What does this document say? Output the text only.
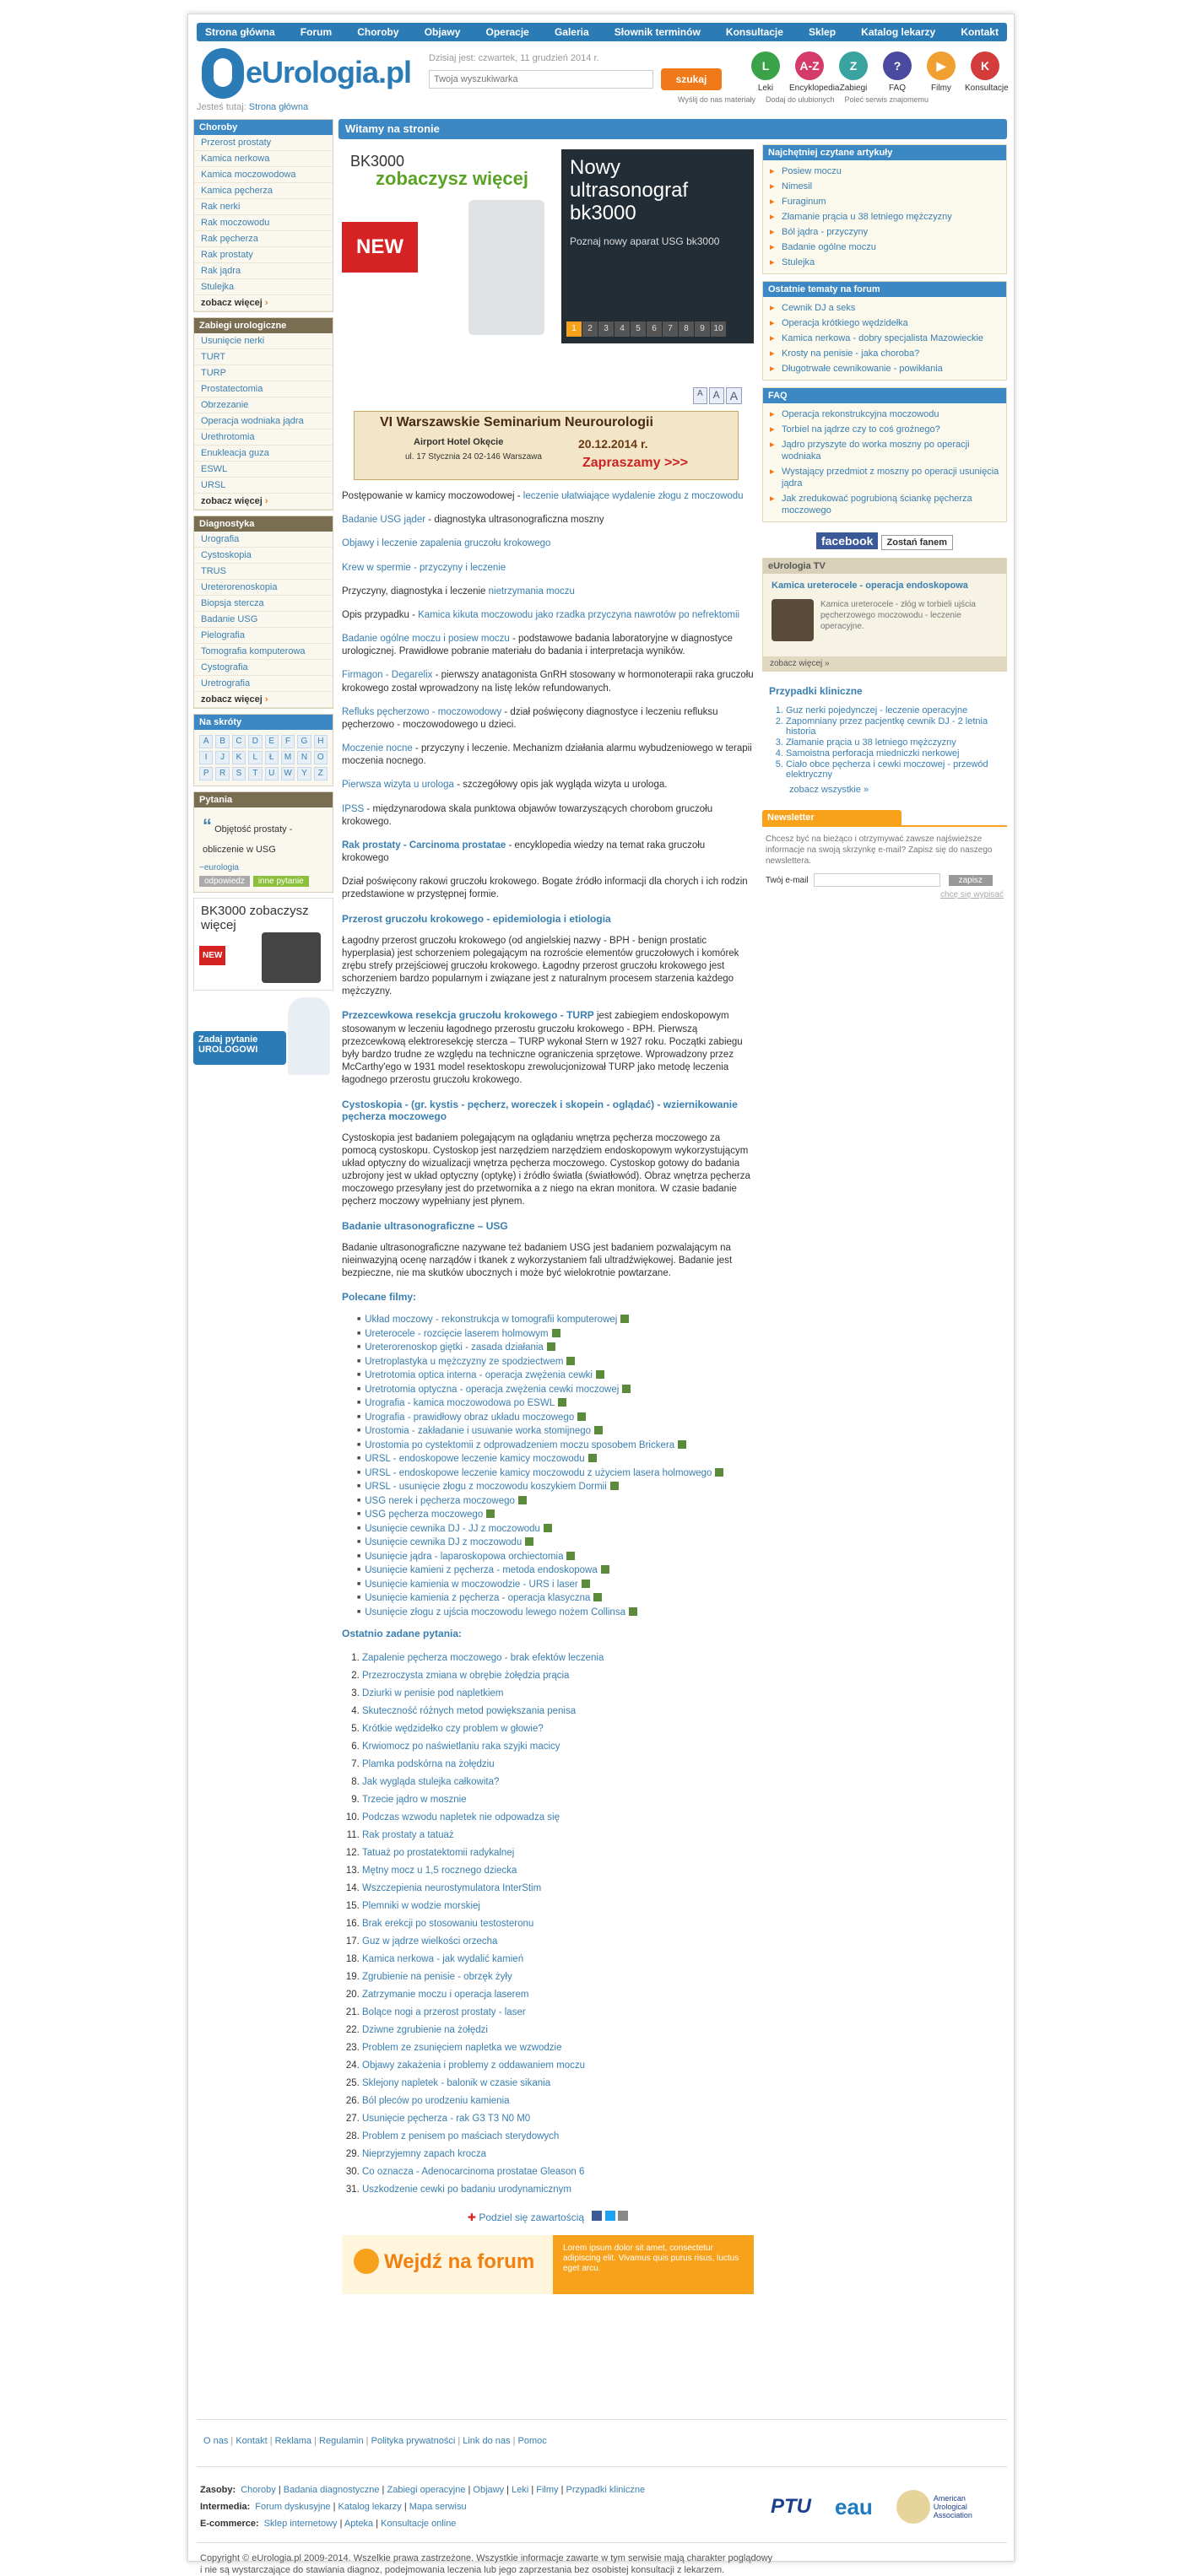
Strona główna	Forum	Choroby	Objawy	Operacje	Galeria	Słownik terminów	Konsultacje	Sklep	Katalog lekarzy	Kontakt
eUrologia.pl Dzisiaj jest: czwartek, 11 grudzień 2014 r.
Twoja wyszukiwarka
szukaj
L
Leki
A-Z
Encyklopedia
Z
Zabiegi
?
FAQ
▶
Filmy
K
Konsultacje
Wyślij do nas materiały Dodaj do ulubionych Poleć serwis znajomemu
Jesteś tutaj: Strona główna
Choroby
Przerost prostaty
Kamica nerkowa
Kamica moczowodowa
Kamica pęcherza
Rak nerki
Rak moczowodu
Rak pęcherza
Rak prostaty
Rak jądra
Stulejka
zobacz więcej ›
Zabiegi urologiczne
Usunięcie nerki
TURT
TURP
Prostatectomia
Obrzezanie
Operacja wodniaka jądra
Urethrotomia
Enukleacja guza
ESWL
URSL
zobacz więcej ›
Diagnostyka
Urografia
Cystoskopia
TRUS
Ureterorenoskopia
Biopsja sterczа
Badanie USG
Pielografia
Tomografia komputerowa
Cystografia
Uretrografia
zobacz więcej ›
Na skróty
A	B	C	D	E	F	G	H
I	J	K	L	Ł	M	N	O
P	R	S	T	U	W	Y	Z
Pytania
“ Objętość prostaty - obliczenie w USG
~eurologia
odpowiedz	inne pytanie
BK3000 zobaczysz więcej
NEW
Zadaj pytanie UROLOGOWI
Witamy na stronie
BK3000
zobaczysz więcej
NEW
Nowy ultrasonograf bk3000
Poznaj nowy aparat USG bk3000
1 2 3 4 5 6 7 8 9 10
A	A A
VI Warszawskie Seminarium Neurourologii
Airport Hotel Okęcie
ul. 17 Stycznia 24 02-146 Warszawa
20.12.2014 r.
Zapraszamy >>>
Postępowanie w kamicy moczowodowej - leczenie ułatwiające wydalenie złogu z moczowodu
Badanie USG jąder - diagnostyka ultrasonograficzna moszny
Objawy i leczenie zapalenia gruczołu krokowego
Krew w spermie - przyczyny i leczenie
Przyczyny, diagnostyka i leczenie nietrzymania moczu
Opis przypadku - Kamica kikuta moczowodu jako rzadka przyczyna nawrotów po nefrektomii
Badanie ogólne moczu i posiew moczu - podstawowe badania laboratoryjne w diagnostyce urologicznej. Prawidłowe pobranie materiału do badania i interpretacja wyników.
Firmagon - Degarelix - pierwszy anatagonista GnRH stosowany w hormonoterapii raka gruczołu krokowego został wprowadzony na listę leków refundowanych.
Refluks pęcherzowo - moczowodowy - dział poświęcony diagnostyce i leczeniu refluksu pęcherzowo - moczowodowego u dzieci.
Moczenie nocne - przyczyny i leczenie. Mechanizm działania alarmu wybudzeniowego w terapii moczenia nocnego.
Pierwsza wizyta u urologa - szczegółowy opis jak wygląda wizyta u urologa.
IPSS - międzynarodowa skala punktowa objawów towarzyszących chorobom gruczołu krokowego.
Rak prostaty - Carcinoma prostatae - encyklopedia wiedzy na temat raka gruczołu krokowego
Dział poświęcony rakowi gruczołu krokowego. Bogate źródło informacji dla chorych i ich rodzin przedstawione w przystępnej formie.
Przerost gruczołu krokowego - epidemiologia i etiologia
Łagodny przerost gruczołu krokowego (od angielskiej nazwy - BPH - benign prostatic hyperplasia) jest schorzeniem polegającym na rozroście elementów gruczołowych i komórek zrębu strefy przejściowej gruczołu krokowego. Łagodny przerost gruczołu krokowego jest schorzeniem bardzo popularnym i związane jest z naturalnym procesem starzenia każdego mężczyzny.
Przezcewkowa resekcja gruczołu krokowego - TURP jest zabiegiem endoskopowym stosowanym w leczeniu łagodnego przerostu gruczołu krokowego - BPH. Pierwszą przezcewkową elektroresekcję sterczа – TURP wykonał Stern w 1927 roku. Początki zabiegu były bardzo trudne ze względu na techniczne ograniczenia sprzętowe. Wprowadzony przez McCarthy'ego w 1931 model resektoskopu zrewolucjonizował TURP jako metodę leczenia łagodnego przerostu gruczołu krokowego.
Cystoskopia - (gr. kystis - pęcherz, woreczek i skopein - oglądać) - wziernikowanie pęcherza moczowego
Cystoskopia jest badaniem polegającym na oglądaniu wnętrza pęcherza moczowego za pomocą cystoskopu. Cystoskop jest narzędziem narzędziem endoskopowym wykorzystującym układ optyczny do wizualizacji wnętrza pęcherza moczowego. Cystoskop gotowy do badania uzbrojony jest w układ optyczny (optykę) i źródło światła (światłowód). Obraz wnętrza pęcherza moczowego przesyłany jest do przetwornika a z niego na ekran monitora. W czasie badanie pęcherz moczowy wypełniany jest płynem.
Badanie ultrasonograficzne – USG
Badanie ultrasonograficzne nazywane też badaniem USG jest badaniem pozwalającym na nieinwazyjną ocenę narządów i tkanek z wykorzystaniem fali ultradźwiękowej. Badanie jest bezpieczne, nie ma skutków ubocznych i może być wielokrotnie powtarzane.
Polecane filmy:
■ Układ moczowy - rekonstrukcja w tomografii komputerowej
■ Ureterocele - rozcięcie laserem holmowym
■ Ureterorenoskop giętki - zasada działania
■ Uretroplastyka u mężczyzny ze spodziectwem
■ Uretrotomia optica interna - operacja zwężenia cewki
■ Uretrotomia optyczna - operacja zwężenia cewki moczowej
■ Urografia - kamica moczowodowa po ESWL
■ Urografia - prawidłowy obraz układu moczowego
■ Urostomia - zakładanie i usuwanie worka stomijnego
■ Urostomia po cystektomii z odprowadzeniem moczu sposobem Brickera
■ URSL - endoskopowe leczenie kamicy moczowodu
■ URSL - endoskopowe leczenie kamicy moczowodu z użyciem lasera holmowego
■ URSL - usunięcie złogu z moczowodu koszykiem Dormii
■ USG nerek i pęcherza moczowego
■ USG pęcherza moczowego
■ Usunięcie cewnika DJ - JJ z moczowodu
■ Usunięcie cewnika DJ z moczowodu
■ Usunięcie jądra - laparoskopowa orchiectomia
■ Usunięcie kamieni z pęcherza - metoda endoskopowa
■ Usunięcie kamienia w moczowodzie - URS i laser
■ Usunięcie kamienia z pęcherza - operacja klasyczna
■ Usunięcie złogu z ujścia moczowodu lewego nożem Collinsa
Ostatnio zadane pytania:
1. Zapalenie pęcherza moczowego - brak efektów leczenia
2. Przezroczysta zmiana w obrębie żołędzia prącia
3. Dziurki w penisie pod napletkiem
4. Skuteczność różnych metod powiększania penisa
5. Krótkie wędzidełko czy problem w głowie?
6. Krwiomocz po naświetlaniu raka szyjki macicy
7. Plamka podskórna na żołędziu
8. Jak wygląda stulejka całkowita?
9. Trzecie jądro w mosznie
10. Podczas wzwodu napletek nie odpowadza się
11. Rak prostaty a tatuaż
12. Tatuaż po prostatektomii radykalnej
13. Mętny mocz u 1,5 rocznego dziecka
14. Wszczepienia neurostymulatora InterStim
15. Plemniki w wodzie morskiej
16. Brak erekcji po stosowaniu testosteronu
17. Guz w jądrze wielkości orzecha
18. Kamica nerkowa - jak wydalić kamień
19. Zgrubienie na penisie - obrzęk żyły
20. Zatrzymanie moczu i operacja laserem
21. Bolące nogi a przerost prostaty - laser
22. Dziwne zgrubienie na żołędzi
23. Problem ze zsunięciem napletka we wzwodzie
24. Objawy zakażenia i problemy z oddawaniem moczu
25. Sklejony napletek - balonik w czasie sikania
26. Ból pleców po urodzeniu kamienia
27. Usunięcie pęcherza - rak G3 T3 N0 M0
28. Problem z penisem po maściach sterydowych
29. Nieprzyjemny zapach krocza
30. Co oznacza - Adenocarcinoma prostatae Gleason 6
31. Uszkodzenie cewki po badaniu urodynamicznym
✚ Podziel się zawartością
Wejdź na forum
Lorem ipsum dolor sit amet, consectetur adipiscing elit. Vivamus quis purus risus, luctus eget arcu.
Najchętniej czytane artykuły
▸ Posiew moczu
▸ Nimesil
▸ Furaginum
▸ Złamanie prącia u 38 letniego mężczyzny
▸ Ból jądra - przyczyny
▸ Badanie ogólne moczu
▸ Stulejka
Ostatnie tematy na forum
▸ Cewnik DJ a seks
▸ Operacja krótkiego wędzidełka
▸ Kamica nerkowa - dobry specjalista Mazowieckie
▸ Krosty na penisie - jaka choroba?
▸ Długotrwałe cewnikowanie - powikłania
FAQ
▸ Operacja rekonstrukcyjna moczowodu
▸ Torbiel na jądrze czy to coś groźnego?
▸ Jądro przyszyte do worka moszny po operacji wodniaka
▸ Wystający przedmiot z moszny po operacji usunięcia jądra
▸ Jak zredukować pogrubioną ściankę pęcherza moczowego
facebook Zostań fanem
eUrologia TV
Kamica ureterocele - operacja endoskopowa
Kamica ureterocele - złóg w torbieli ujścia pęcherzowego moczowodu - leczenie operacyjne.
zobacz więcej »
Przypadki kliniczne
1. Guz nerki pojedynczej - leczenie operacyjne
2. Zapomniany przez pacjentkę cewnik DJ - 2 letnia historia
3. Złamanie prącia u 38 letniego mężczyzny
4. Samoistna perforacja miedniczki nerkowej
5. Ciało obce pęcherza i cewki moczowej - przewód elektryczny
zobacz wszystkie »
Newsletter
Chcesz być na bieżąco i otrzymywać zawsze najświeższe informacje na swoją skrzynkę e-mail? Zapisz się do naszego newslettera.
Twój e-mail	zapisz
chcę się wypisać
O nas | Kontakt | Reklama | Regulamin | Polityka prywatności | Link do nas | Pomoc
Zasoby: Choroby | Badania diagnostyczne | Zabiegi operacyjne | Objawy | Leki | Filmy | Przypadki kliniczne
Intermedia: Forum dyskusyjne | Katalog lekarzy | Mapa serwisu
E-commerce: Sklep internetowy | Apteka | Konsultacje online
PTU eau	American Urological Association
Copyright © eUrologia.pl 2009-2014. Wszelkie prawa zastrzeżone. Wszystkie informacje zawarte w tym serwisie mają charakter poglądowy
i nie są wystarczające do stawiania diagnoz, podejmowania leczenia lub jego zaprzestania bez osobistej konsultacji z lekarzem.
